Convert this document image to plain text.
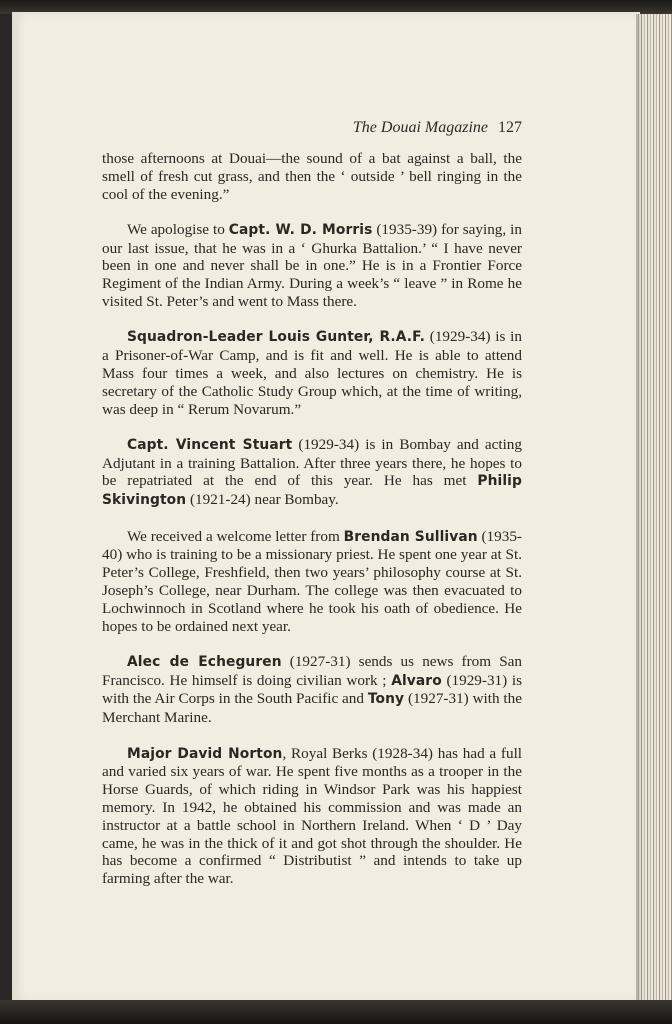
The Douai Magazine 127

those afternoons at Douai—the sound of a bat against a ball, the smell of fresh cut grass, and then the ‘ outside ’ bell ringing in the cool of the evening.”

We apologise to Capt. W. D. Morris (1935-39) for saying, in our last issue, that he was in a ‘ Ghurka Battalion.’ “ I have never been in one and never shall be in one.” He is in a Frontier Force Regiment of the Indian Army. During a week’s “ leave ” in Rome he visited St. Peter’s and went to Mass there.

Squadron-Leader Louis Gunter, R.A.F. (1929-34) is in a Prisoner-of-War Camp, and is fit and well. He is able to attend Mass four times a week, and also lectures on chemistry. He is secretary of the Catholic Study Group which, at the time of writing, was deep in “ Rerum Novarum.”

Capt. Vincent Stuart (1929-34) is in Bombay and acting Adjutant in a training Battalion. After three years there, he hopes to be repatriated at the end of this year. He has met Philip Skivington (1921-24) near Bombay.

We received a welcome letter from Brendan Sullivan (1935-40) who is training to be a missionary priest. He spent one year at St. Peter’s College, Freshfield, then two years’ philosophy course at St. Joseph’s College, near Durham. The college was then evacuated to Lochwinnoch in Scotland where he took his oath of obedience. He hopes to be ordained next year.

Alec de Echeguren (1927-31) sends us news from San Francisco. He himself is doing civilian work ; Alvaro (1929-31) is with the Air Corps in the South Pacific and Tony (1927-31) with the Merchant Marine.

Major David Norton, Royal Berks (1928-34) has had a full and varied six years of war. He spent five months as a trooper in the Horse Guards, of which riding in Windsor Park was his happiest memory. In 1942, he obtained his commission and was made an instructor at a battle school in Northern Ireland. When ‘ D ’ Day came, he was in the thick of it and got shot through the shoulder. He has become a confirmed “ Distributist ” and intends to take up farming after the war.
